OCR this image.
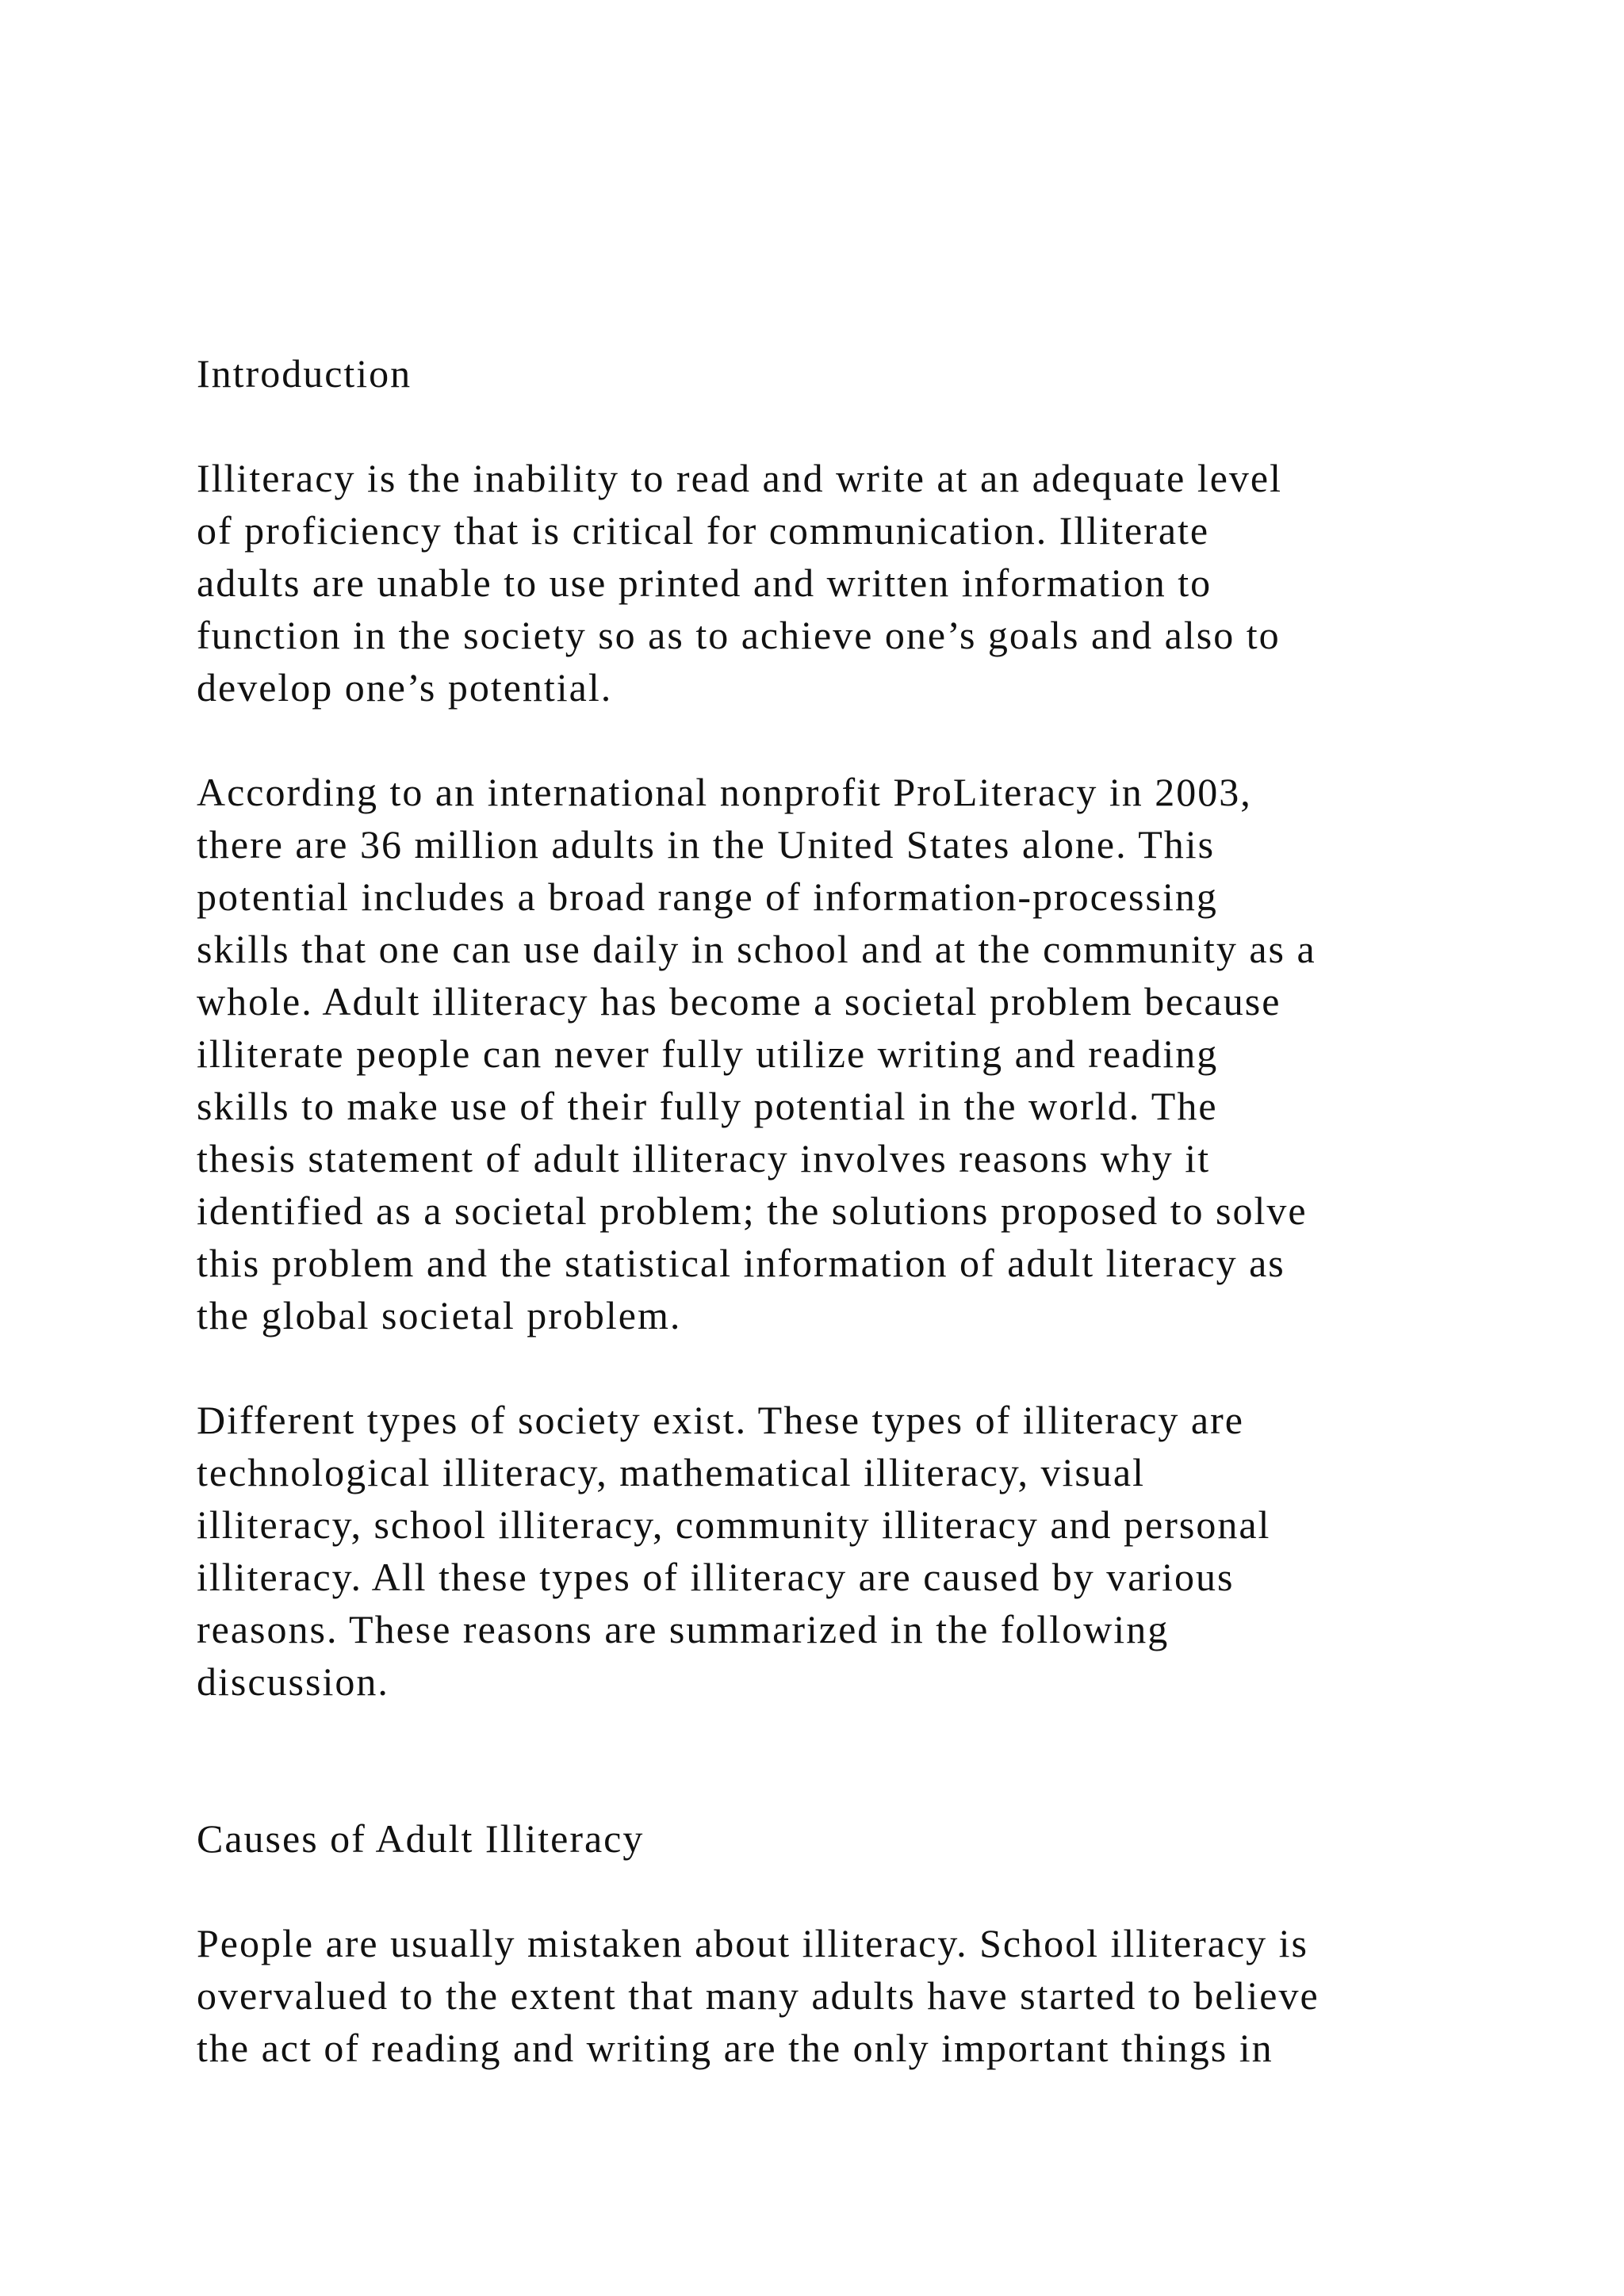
Introduction
Illiteracy is the inability to read and write at an adequate level
of proficiency that is critical for communication. Illiterate
adults are unable to use printed and written information to
function in the society so as to achieve one’s goals and also to
develop one’s potential.
According to an international nonprofit ProLiteracy in 2003,
there are 36 million adults in the United States alone. This
potential includes a broad range of information-processing
skills that one can use daily in school and at the community as a
whole. Adult illiteracy has become a societal problem because
illiterate people can never fully utilize writing and reading
skills to make use of their fully potential in the world. The
thesis statement of adult illiteracy involves reasons why it
identified as a societal problem; the solutions proposed to solve
this problem and the statistical information of adult literacy as
the global societal problem.
Different types of society exist. These types of illiteracy are
technological illiteracy, mathematical illiteracy, visual
illiteracy, school illiteracy, community illiteracy and personal
illiteracy. All these types of illiteracy are caused by various
reasons. These reasons are summarized in the following
discussion.
Causes of Adult Illiteracy
People are usually mistaken about illiteracy. School illiteracy is
overvalued to the extent that many adults have started to believe
the act of reading and writing are the only important things in
